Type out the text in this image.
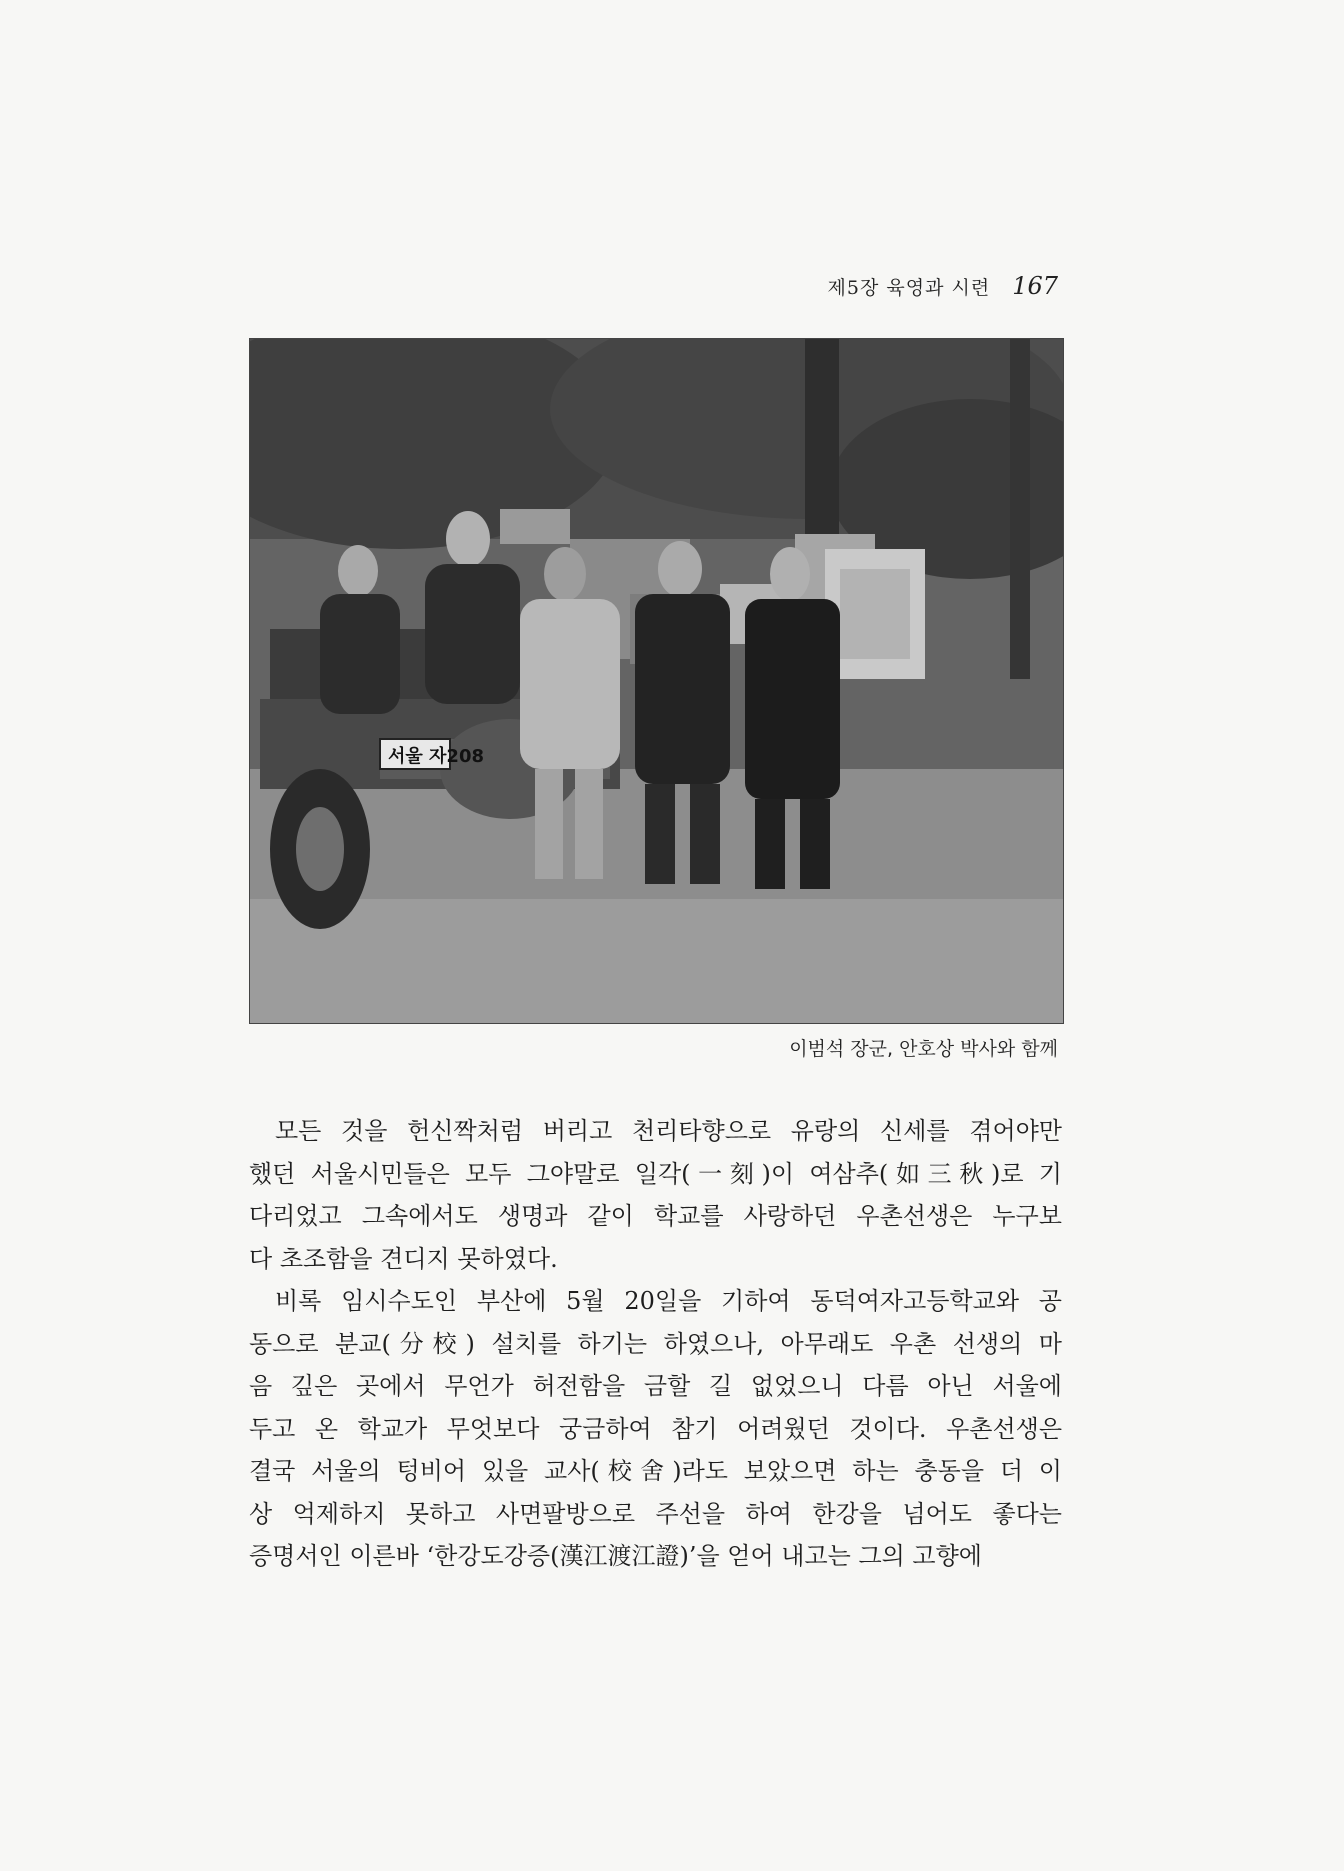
제5장 육영과 시련 167
서울 자208
이범석 장군, 안호상 박사와 함께

모든 것을 헌신짝처럼 버리고 천리타향으로 유랑의 신세를 겪어야만
했던 서울시민들은 모두 그야말로 일각(一刻)이 여삼추(如三秋)로 기
다리었고 그속에서도 생명과 같이 학교를 사랑하던 우촌선생은 누구보
다 초조함을 견디지 못하였다.

비록 임시수도인 부산에 5월 20일을 기하여 동덕여자고등학교와 공
동으로 분교(分校) 설치를 하기는 하였으나, 아무래도 우촌 선생의 마
음 깊은 곳에서 무언가 허전함을 금할 길 없었으니 다름 아닌 서울에
두고 온 학교가 무엇보다 궁금하여 참기 어려웠던 것이다. 우촌선생은
결국 서울의 텅비어 있을 교사(校舍)라도 보았으면 하는 충동을 더 이
상 억제하지 못하고 사면팔방으로 주선을 하여 한강을 넘어도 좋다는
증명서인 이른바 ‘한강도강증(漢江渡江證)’을 얻어 내고는 그의 고향에
